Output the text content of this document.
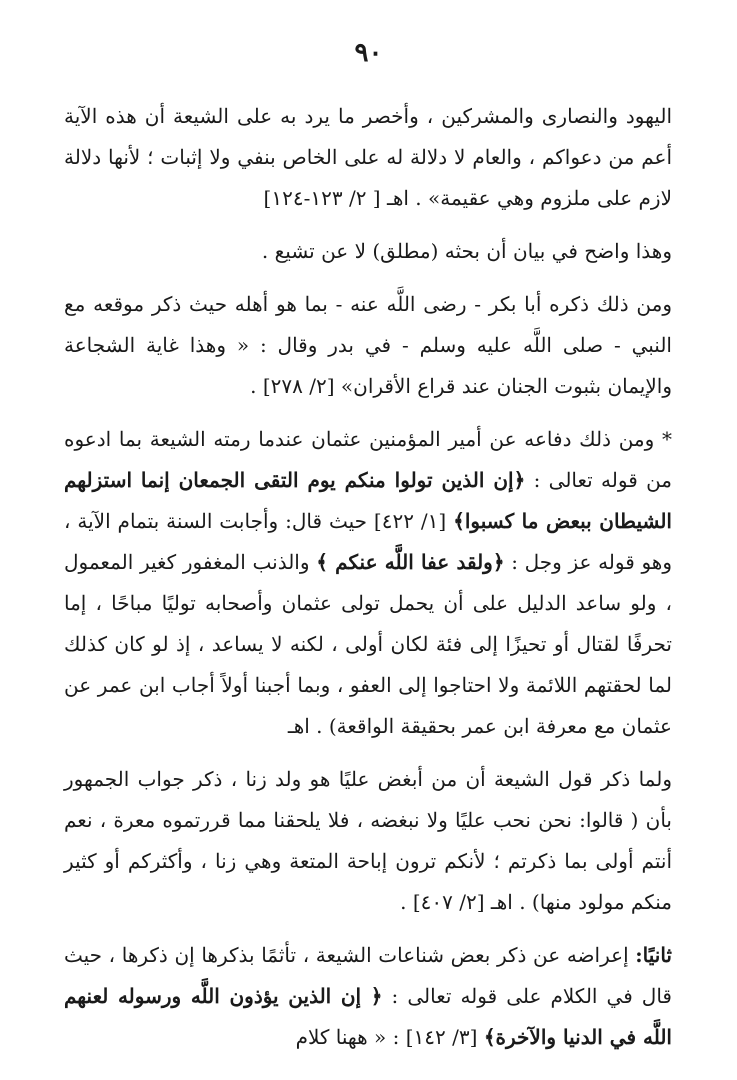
٩٠

اليهود والنصارى والمشركين ، وأخصر ما يرد به على الشيعة أن هذه الآية أعم من دعواكم ، والعام لا دلالة له على الخاص بنفي ولا إثبات ؛ لأنها دلالة لازم على ملزوم وهي عقيمة» . اهـ [ ٢/ ١٢٣-١٢٤]

وهذا واضح في بيان أن بحثه (مطلق) لا عن تشيع .

ومن ذلك ذكره أبا بكر - رضى اللَّه عنه - بما هو أهله حيث ذكر موقعه مع النبي - صلى اللَّه عليه وسلم - في بدر وقال : « وهذا غاية الشجاعة والإيمان بثبوت الجنان عند قراع الأقران» [٢/ ٢٧٨] .

* ومن ذلك دفاعه عن أمير المؤمنين عثمان عندما رمته الشيعة بما ادعوه من قوله تعالى : ﴿إن الذين تولوا منكم يوم التقى الجمعان إنما استزلهم الشيطان ببعض ما كسبوا﴾ [١/ ٤٢٢] حيث قال: وأجابت السنة بتمام الآية ، وهو قوله عز وجل : ﴿ولقد عفا اللَّه عنكم ﴾ والذنب المغفور كغير المعمول ، ولو ساعد الدليل على أن يحمل تولى عثمان وأصحابه توليًا مباحًا ، إما تحرفًا لقتال أو تحيزًا إلى فئة لكان أولى ، لكنه لا يساعد ، إذ لو كان كذلك لما لحقتهم اللائمة ولا احتاجوا إلى العفو ، وبما أجبنا أولاً أجاب ابن عمر عن عثمان مع معرفة ابن عمر بحقيقة الواقعة) . اهـ

ولما ذكر قول الشيعة أن من أبغض عليًا هو ولد زنا ، ذكر جواب الجمهور بأن ( قالوا: نحن نحب عليًا ولا نبغضه ، فلا يلحقنا مما قررتموه معرة ، نعم أنتم أولى بما ذكرتم ؛ لأنكم ترون إباحة المتعة وهي زنا ، وأكثركم أو كثير منكم مولود منها) . اهـ [٢/ ٤٠٧] .

ثانيًا: إعراضه عن ذكر بعض شناعات الشيعة ، تأثمًا بذكرها إن ذكرها ، حيث قال في الكلام على قوله تعالى : ﴿ إن الذين يؤذون اللَّه ورسوله لعنهم اللَّه في الدنيا والآخرة﴾ [٣/ ١٤٢] : « ههنا كلام
